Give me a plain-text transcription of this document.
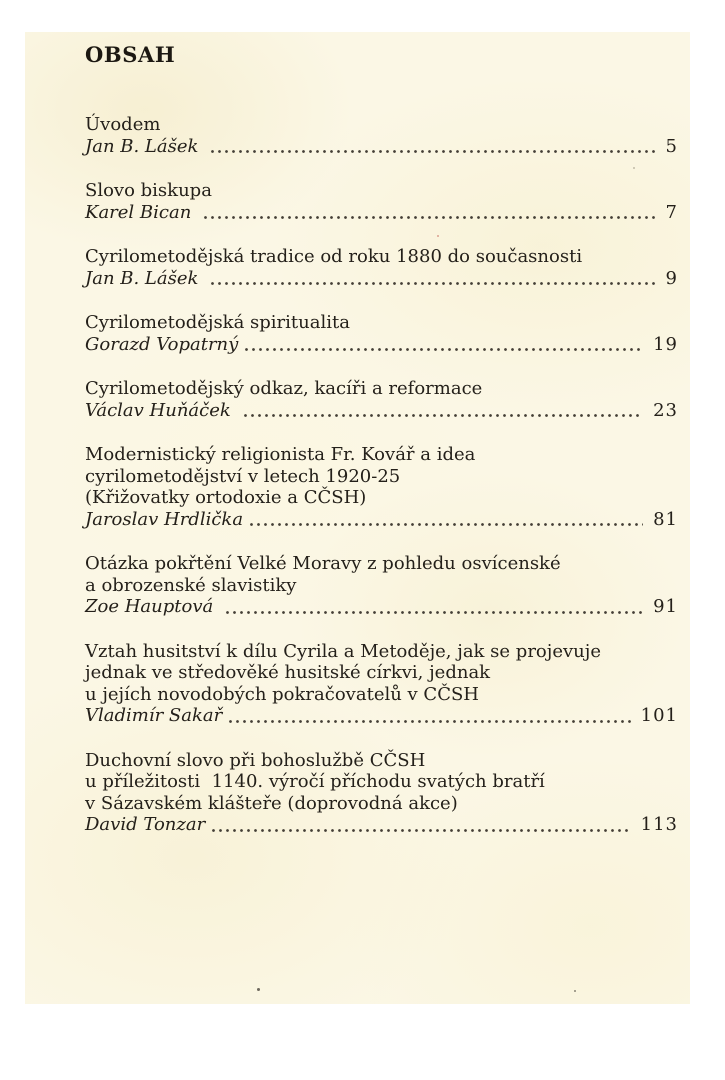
OBSAH
Úvodem
Jan B. Lášek	5
Slovo biskupa
Karel Bican	7
Cyrilometodějská tradice od roku 1880 do současnosti
Jan B. Lášek	9
Cyrilometodějská spiritualita
Gorazd Vopatrný	19
Cyrilometodějský odkaz, kacíři a reformace
Václav Huňáček	23
Modernistický religionista Fr. Kovář a idea
cyrilometodějství v letech 1920-25
(Křižovatky ortodoxie a CČSH)
Jaroslav Hrdlička	81
Otázka pokřtění Velké Moravy z pohledu osvícenské
a obrozenské slavistiky
Zoe Hauptová	91
Vztah husitství k dílu Cyrila a Metoděje, jak se projevuje
jednak ve středověké husitské církvi, jednak
u jejích novodobých pokračovatelů v CČSH
Vladimír Sakař	101
Duchovní slovo při bohoslužbě CČSH
u příležitosti  1140. výročí příchodu svatých bratří
v Sázavském klášteře (doprovodná akce)
David Tonzar	113
